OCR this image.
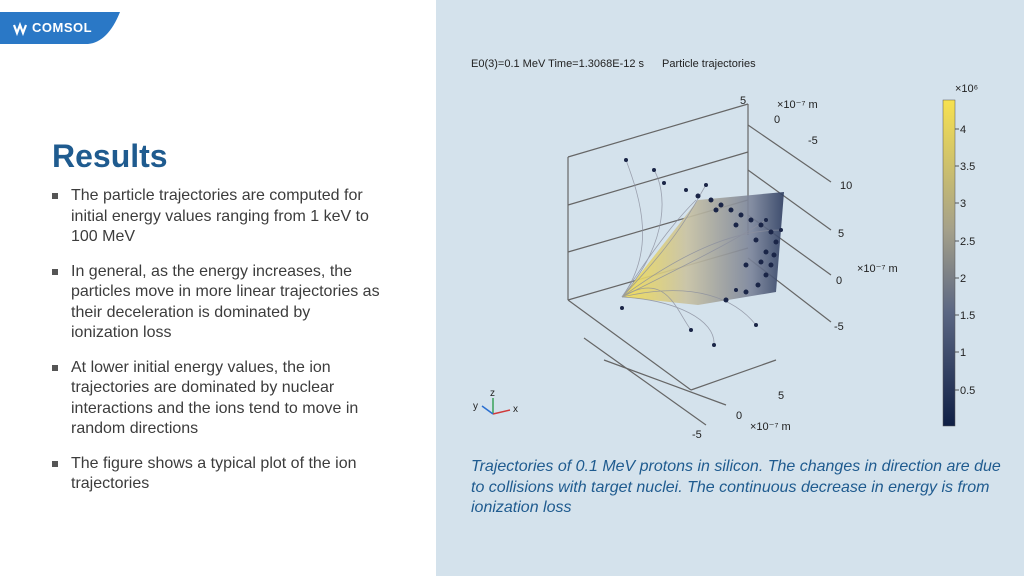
COMSOL
Results
The particle trajectories are computed for initial energy values ranging from 1 keV to 100 MeV
In general, as the energy increases, the particles move in more linear trajectories as their deceleration is dominated by ionization loss
At lower initial energy values, the ion trajectories are dominated by nuclear interactions and the ions tend to move in random directions
The figure shows a typical plot of the ion trajectories
E0(3)=0.1 MeV Time=1.3068E-12 s Particle trajectories
5
0
-5
×10⁻⁷ m
10
5
0
-5
×10⁻⁷ m
5
0
-5
×10⁻⁷ m
z
x
y
×10⁶
4
3.5
3
2.5
2
1.5
1
0.5

Trajectories of 0.1 MeV protons in silicon. The changes in direction are due to collisions with target nuclei. The continuous decrease in energy is from ionization loss
